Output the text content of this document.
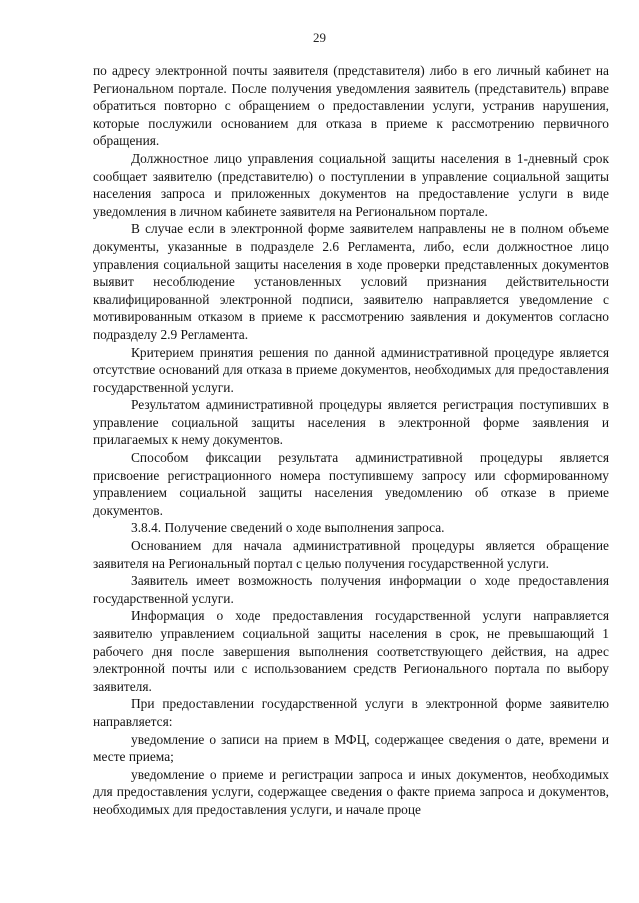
29

по адресу электронной почты заявителя (представителя) либо в его личный кабинет на Региональном портале. После получения уведомления заявитель (представитель) вправе обратиться повторно с обращением о предоставлении услуги, устранив нарушения, которые послужили основанием для отказа в приеме к рассмотрению первичного обращения.

Должностное лицо управления социальной защиты населения в 1-дневный срок сообщает заявителю (представителю) о поступлении в управление социальной защиты населения запроса и приложенных документов на предоставление услуги в виде уведомления в личном кабинете заявителя на Региональном портале.

В случае если в электронной форме заявителем направлены не в полном объеме документы, указанные в подразделе 2.6 Регламента, либо, если должностное лицо управления социальной защиты населения в ходе проверки представленных документов выявит несоблюдение установленных условий признания действительности квалифицированной электронной подписи, заявителю направляется уведомление с мотивированным отказом в приеме к рассмотрению заявления и документов согласно подразделу 2.9 Регламента.

Критерием принятия решения по данной административной процедуре является отсутствие оснований для отказа в приеме документов, необходимых для предоставления государственной услуги.

Результатом административной процедуры является регистрация поступивших в управление социальной защиты населения в электронной форме заявления и прилагаемых к нему документов.

Способом фиксации результата административной процедуры является присвоение регистрационного номера поступившему запросу или сформированному управлением социальной защиты населения уведомлению об отказе в приеме документов.

3.8.4. Получение сведений о ходе выполнения запроса.

Основанием для начала административной процедуры является обращение заявителя на Региональный портал с целью получения государственной услуги.

Заявитель имеет возможность получения информации о ходе предоставления государственной услуги.

Информация о ходе предоставления государственной услуги направляется заявителю управлением социальной защиты населения в срок, не превышающий 1 рабочего дня после завершения выполнения соответствующего действия, на адрес электронной почты или с использованием средств Регионального портала по выбору заявителя.

При предоставлении государственной услуги в электронной форме заявителю направляется:

уведомление о записи на прием в МФЦ, содержащее сведения о дате, времени и месте приема;

уведомление о приеме и регистрации запроса и иных документов, необходимых для предоставления услуги, содержащее сведения о факте приема запроса и документов, необходимых для предоставления услуги, и начале проце
